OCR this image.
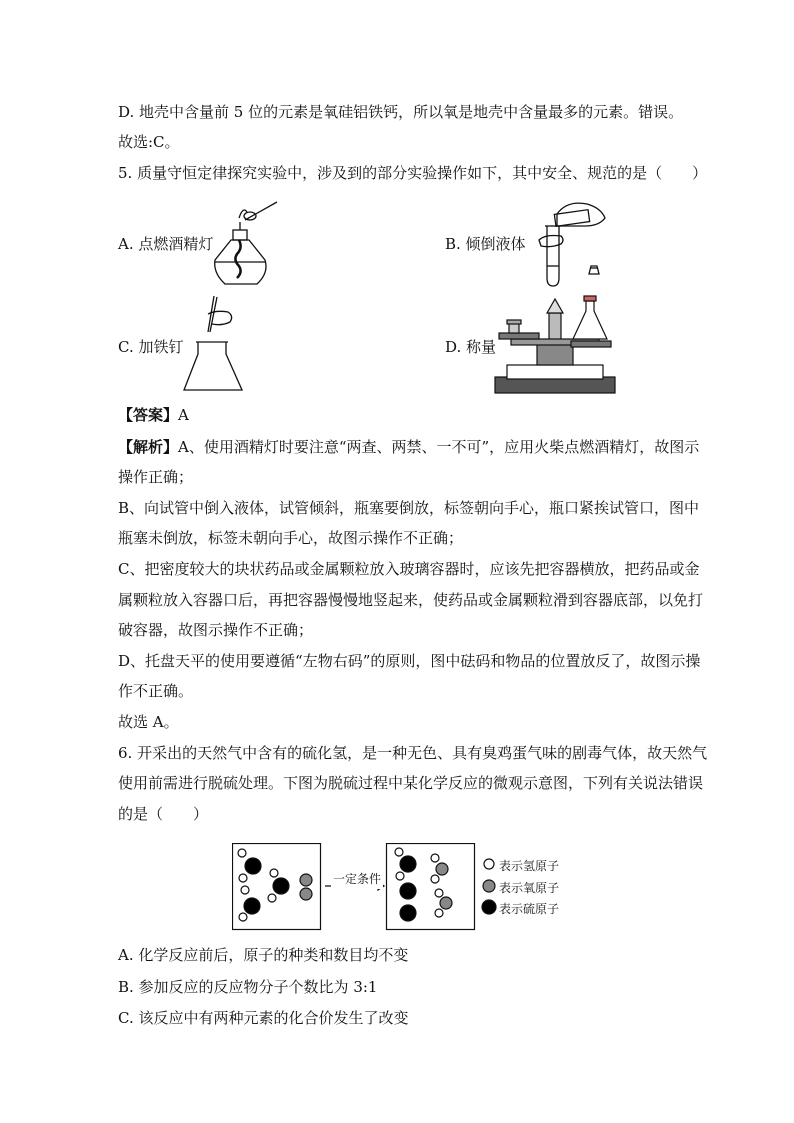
D. 地壳中含量前 5 位的元素是氧硅铝铁钙，所以氧是地壳中含量最多的元素。错误。
故选:C。
5. 质量守恒定律探究实验中，涉及到的部分实验操作如下，其中安全、规范的是（　　）
A. 点燃酒精灯	B. 倾倒液体
C. 加铁钉	D. 称量
【答案】A
【解析】A、使用酒精灯时要注意“两查、两禁、一不可”，应用火柴点燃酒精灯，故图示
操作正确；
B、向试管中倒入液体，试管倾斜，瓶塞要倒放，标签朝向手心，瓶口紧挨试管口，图中
瓶塞未倒放，标签未朝向手心，故图示操作不正确；
C、把密度较大的块状药品或金属颗粒放入玻璃容器时，应该先把容器横放，把药品或金
属颗粒放入容器口后，再把容器慢慢地竖起来，使药品或金属颗粒滑到容器底部，以免打
破容器，故图示操作不正确；
D、托盘天平的使用要遵循“左物右码”的原则，图中砝码和物品的位置放反了，故图示操
作不正确。
故选 A。
6. 开采出的天然气中含有的硫化氢，是一种无色、具有臭鸡蛋气味的剧毒气体，故天然气
使用前需进行脱硫处理。下图为脱硫过程中某化学反应的微观示意图，下列有关说法错误
的是（　　）
一定条件
表示氢原子
表示氧原子
表示硫原子
A. 化学反应前后，原子的种类和数目均不变
B. 参加反应的反应物分子个数比为 3:1
C. 该反应中有两种元素的化合价发生了改变
